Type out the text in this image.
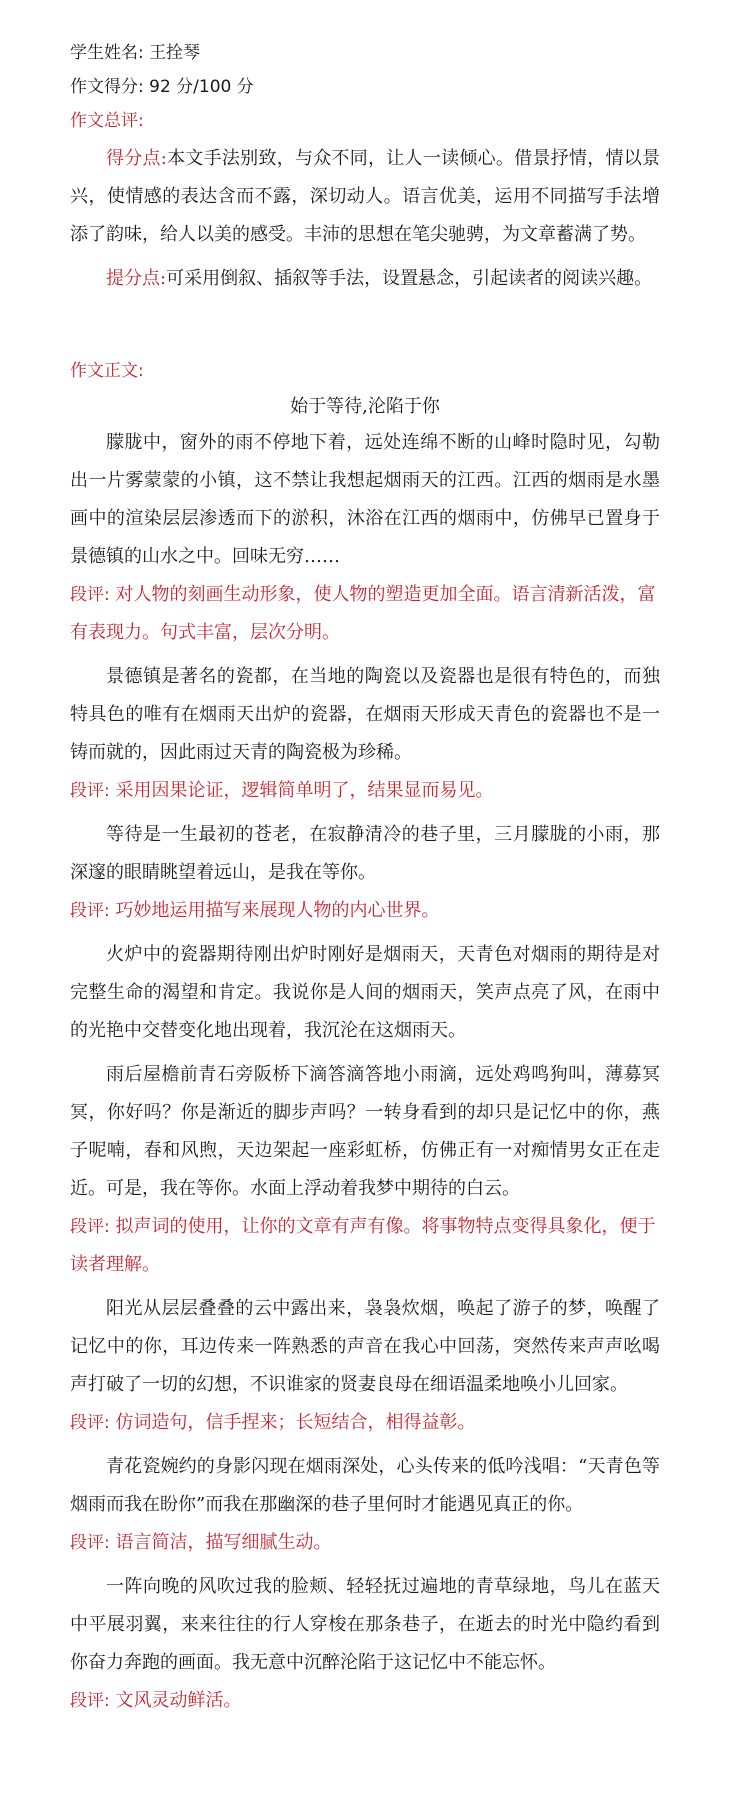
学生姓名: 王拴琴
作文得分: 92 分/100 分
作文总评:

得分点:本文手法别致，与众不同，让人一读倾心。借景抒情，情以景兴，使情感的表达含而不露，深切动人。语言优美，运用不同描写手法增添了韵味，给人以美的感受。丰沛的思想在笔尖驰骋，为文章蓄满了势。

提分点:可采用倒叙、插叙等手法，设置悬念，引起读者的阅读兴趣。

作文正文:

始于等待,沦陷于你

朦胧中，窗外的雨不停地下着，远处连绵不断的山峰时隐时见，勾勒出一片雾蒙蒙的小镇，这不禁让我想起烟雨天的江西。江西的烟雨是水墨画中的渲染层层渗透而下的淤积，沐浴在江西的烟雨中，仿佛早已置身于景德镇的山水之中。回味无穷……

段评: 对人物的刻画生动形象，使人物的塑造更加全面。语言清新活泼，富有表现力。句式丰富，层次分明。

景德镇是著名的瓷都，在当地的陶瓷以及瓷器也是很有特色的，而独特具色的唯有在烟雨天出炉的瓷器，在烟雨天形成天青色的瓷器也不是一铸而就的，因此雨过天青的陶瓷极为珍稀。

段评: 采用因果论证，逻辑简单明了，结果显而易见。

等待是一生最初的苍老，在寂静清冷的巷子里，三月朦胧的小雨，那深邃的眼睛眺望着远山，是我在等你。

段评: 巧妙地运用描写来展现人物的内心世界。

火炉中的瓷器期待刚出炉时刚好是烟雨天，天青色对烟雨的期待是对完整生命的渴望和肯定。我说你是人间的烟雨天，笑声点亮了风，在雨中的光艳中交替变化地出现着，我沉沦在这烟雨天。

雨后屋檐前青石旁阪桥下滴答滴答地小雨滴，远处鸡鸣狗叫，薄募冥冥，你好吗？你是渐近的脚步声吗？一转身看到的却只是记忆中的你，燕子呢喃，春和风煦，天边架起一座彩虹桥，仿佛正有一对痴情男女正在走近。可是，我在等你。水面上浮动着我梦中期待的白云。

段评: 拟声词的使用，让你的文章有声有像。将事物特点变得具象化，便于读者理解。

阳光从层层叠叠的云中露出来，袅袅炊烟，唤起了游子的梦，唤醒了记忆中的你，耳边传来一阵熟悉的声音在我心中回荡，突然传来声声吆喝声打破了一切的幻想，不识谁家的贤妻良母在细语温柔地唤小儿回家。

段评: 仿词造句，信手捏来；长短结合，相得益彰。

青花瓷婉约的身影闪现在烟雨深处，心头传来的低吟浅唱：“天青色等烟雨而我在盼你”而我在那幽深的巷子里何时才能遇见真正的你。

段评: 语言简洁，描写细腻生动。

一阵向晚的风吹过我的脸颊、轻轻抚过遍地的青草绿地，鸟儿在蓝天中平展羽翼，来来往往的行人穿梭在那条巷子，在逝去的时光中隐约看到你奋力奔跑的画面。我无意中沉醉沦陷于这记忆中不能忘怀。

段评: 文风灵动鲜活。
